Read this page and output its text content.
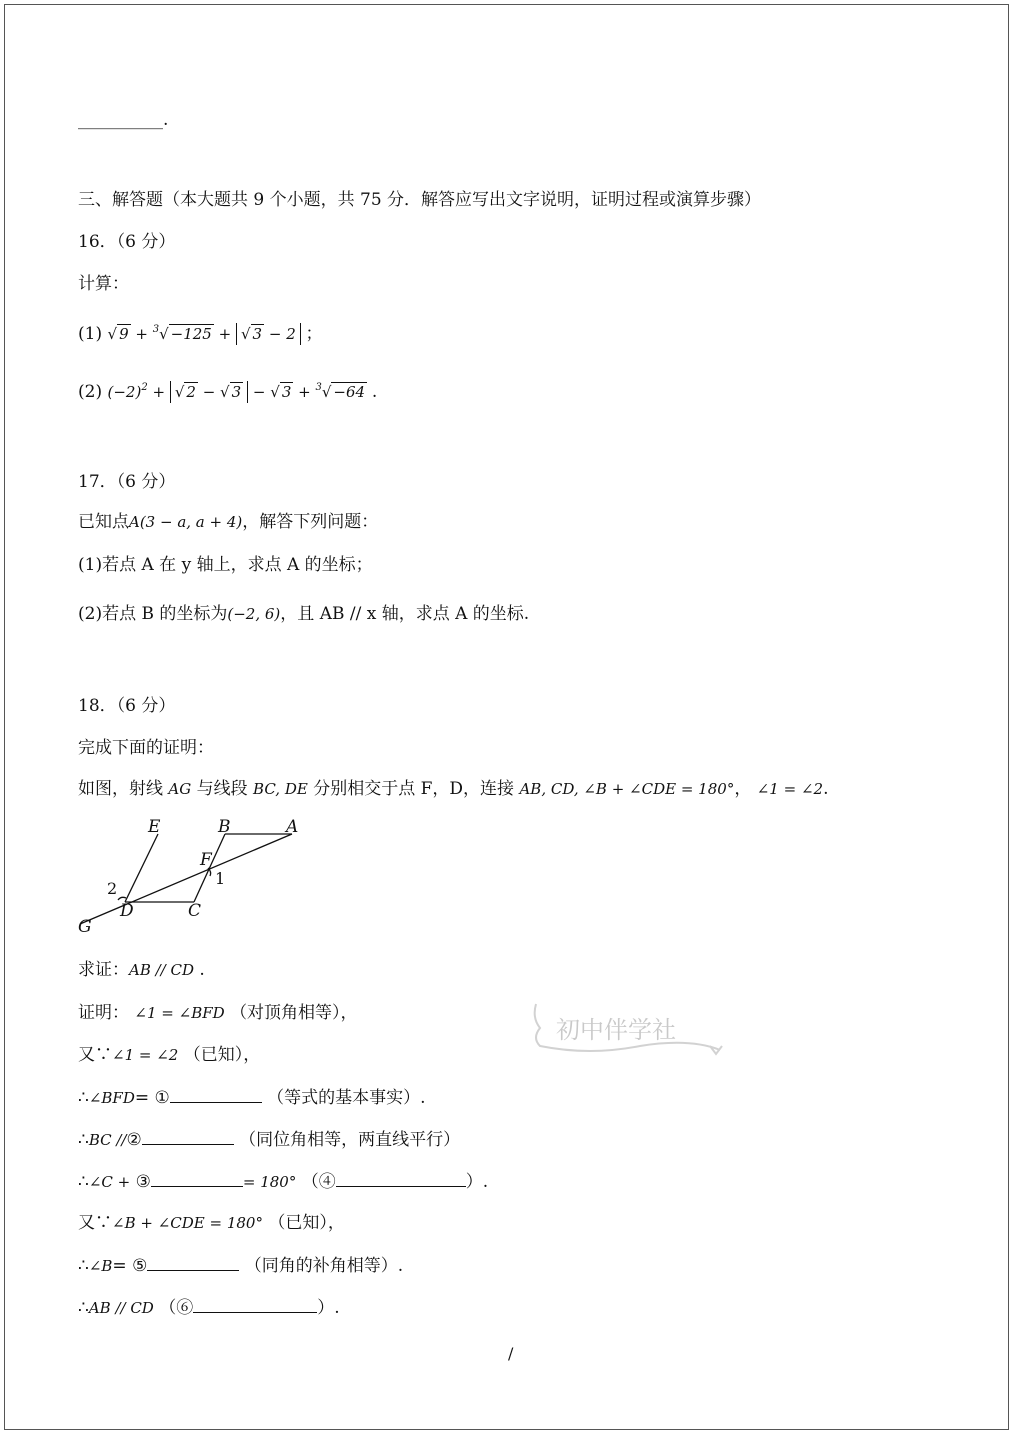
__________.
三、解答题（本大题共 9 个小题，共 75 分．解答应写出文字说明，证明过程或演算步骤）
16．（6 分）
计算：
(1) √ 9 + $^3$√ −125 + √ 3 − 2 ；
(2) $(-2)^2$ + √ 2 − √ 3 − √ 3 + $^3$√ −64 .
17．（6 分）
已知点A(3 − a, a + 4)，解答下列问题：
(1)若点 A 在 y 轴上，求点 A 的坐标；
(2)若点 B 的坐标为(−2, 6)，且 AB // x 轴，求点 A 的坐标.
18．（6 分）
完成下面的证明：
如图，射线 AG 与线段 BC, DE 分别相交于点 F，D，连接 AB, CD, ∠B + ∠CDE = 180°， ∠1 = ∠2.
E	B	A
F
D	C
G
1
2
求证：AB // CD .
证明： ∠1 = ∠BFD （对顶角相等），
又∵∠1 = ∠2 （已知），
∴∠BFD= ①	（等式的基本事实）.
∴BC //②	（同位角相等，两直线平行）
∴∠C + ③	= 180° （④	）.
又∵∠B + ∠CDE = 180° （已知），
∴∠B= ⑤	（同角的补角相等）.
∴AB // CD （⑥	）.
初中伴学社
/
